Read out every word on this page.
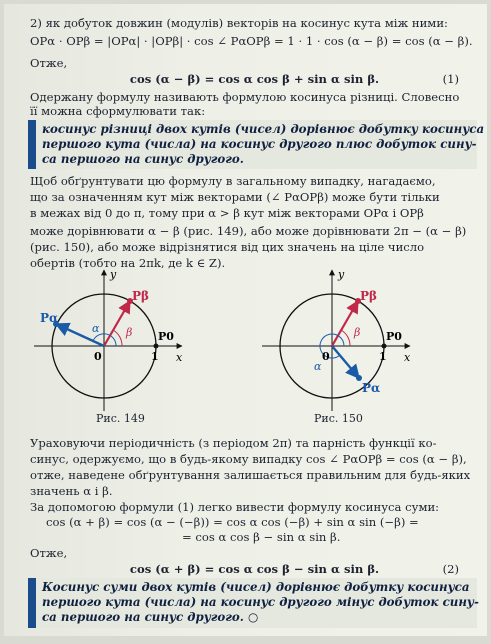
2) як добуток довжин (модулів) векторів на косинус кута між ними:
OPα · OPβ = |OPα| · |OPβ| · cos ∠ PαOPβ = 1 · 1 · cos (α − β) = cos (α − β).
Отже,
cos (α − β) = cos α cos β + sin α sin β.	(1)
Одержану формулу називають формулою косинуса різниці. Словесно
її можна сформулювати так:
косинус різниці двох кутів (чисел) дорівнює добутку косинуса
першого кута (числа) на косинус другого плюс добуток сину-
са першого на синус другого.
Щоб обґрунтувати цю формулу в загальному випадку, нагадаємо,
що за означенням кут між векторами (∠ PαOPβ) може бути тільки
в межах від 0 до π, тому при α > β кут між векторами OPα і OPβ
може дорівнювати α − β (рис. 149), або може дорівнювати 2π − (α − β)
(рис. 150), або може відрізнятися від цих значень на ціле число
обертів (тобто на 2πk, де k ∈ Z).
y
x
0	1
P0
Pβ
Pα
α β
Рис. 149
y
x
0	1
P0
Pβ
Pα
α
β
Рис. 150
Ураховуючи періодичність (з періодом 2π) та парність функції ко-
синус, одержуємо, що в будь-якому випадку cos ∠ PαOPβ = cos (α − β),
отже, наведене обґрунтування залишається правильним для будь-яких
значень α і β.
За допомогою формули (1) легко вивести формулу косинуса суми:
cos (α + β) = cos (α − (−β)) = cos α cos (−β) + sin α sin (−β) =
= cos α cos β − sin α sin β.
Отже,
cos (α + β) = cos α cos β − sin α sin β.	(2)
Косинус суми двох кутів (чисел) дорівнює добутку косинуса
першого кута (числа) на косинус другого мінус добуток сину-
са першого на синус другого. ○
